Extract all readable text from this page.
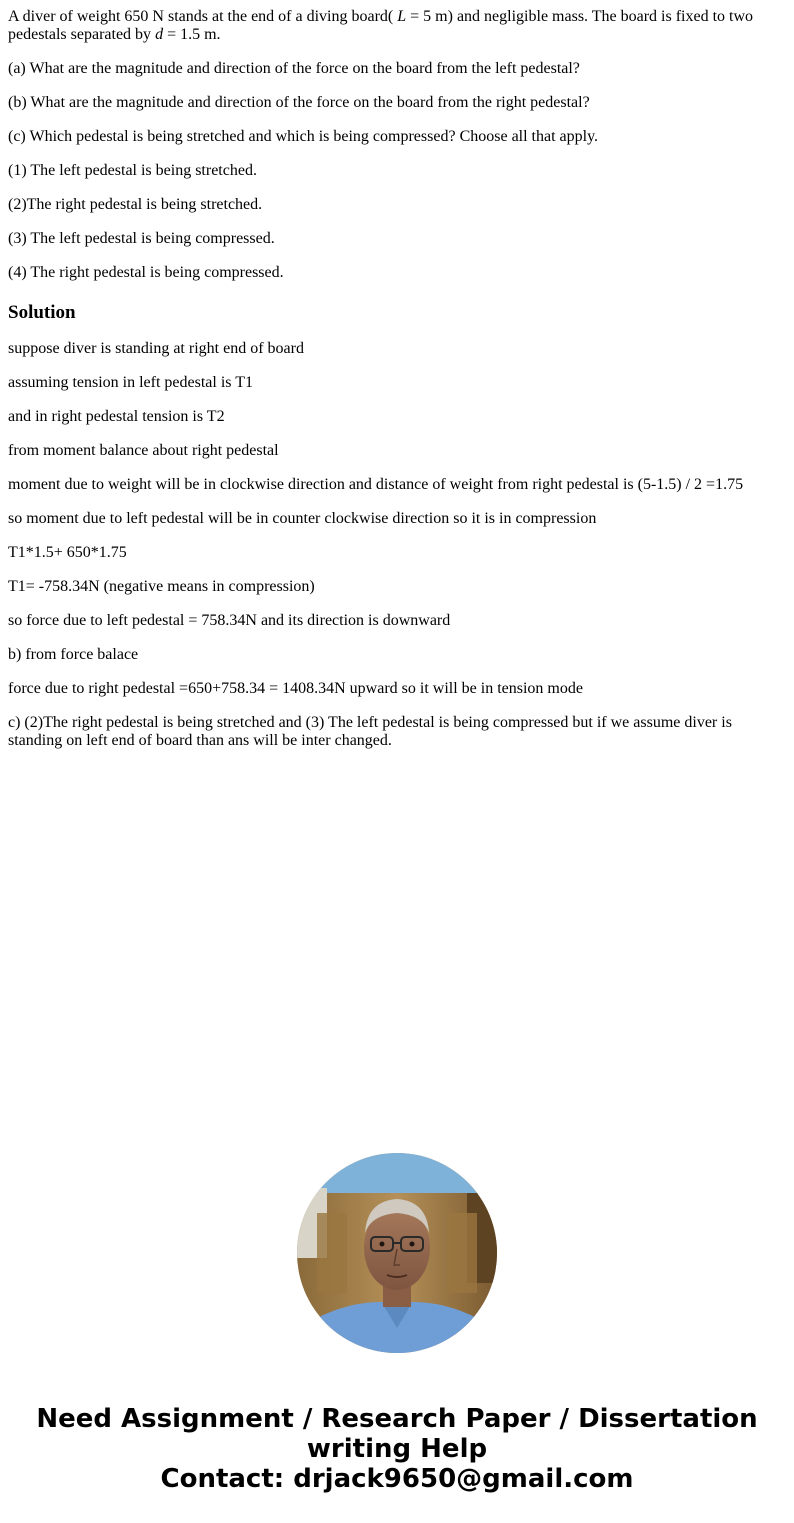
A diver of weight 650 N stands at the end of a diving board( L = 5 m) and negligible mass. The board is fixed to two pedestals separated by d = 1.5 m.

(a) What are the magnitude and direction of the force on the board from the left pedestal?

(b) What are the magnitude and direction of the force on the board from the right pedestal?

(c) Which pedestal is being stretched and which is being compressed? Choose all that apply.

(1) The left pedestal is being stretched.

(2)The right pedestal is being stretched.

(3) The left pedestal is being compressed.

(4) The right pedestal is being compressed.

Solution

suppose diver is standing at right end of board

assuming tension in left pedestal is T1

and in right pedestal tension is T2

from moment balance about right pedestal

moment due to weight will be in clockwise direction and distance of weight from right pedestal is (5-1.5) / 2 =1.75

so moment due to left pedestal will be in counter clockwise direction so it is in compression

T1*1.5+ 650*1.75

T1= -758.34N (negative means in compression)

so force due to left pedestal = 758.34N and its direction is downward

b) from force balace

force due to right pedestal =650+758.34 = 1408.34N upward so it will be in tension mode

c) (2)The right pedestal is being stretched and (3) The left pedestal is being compressed but if we assume diver is standing on left end of board than ans will be inter changed.

Need Assignment / Research Paper / Dissertation
writing Help
Contact: drjack9650@gmail.com
